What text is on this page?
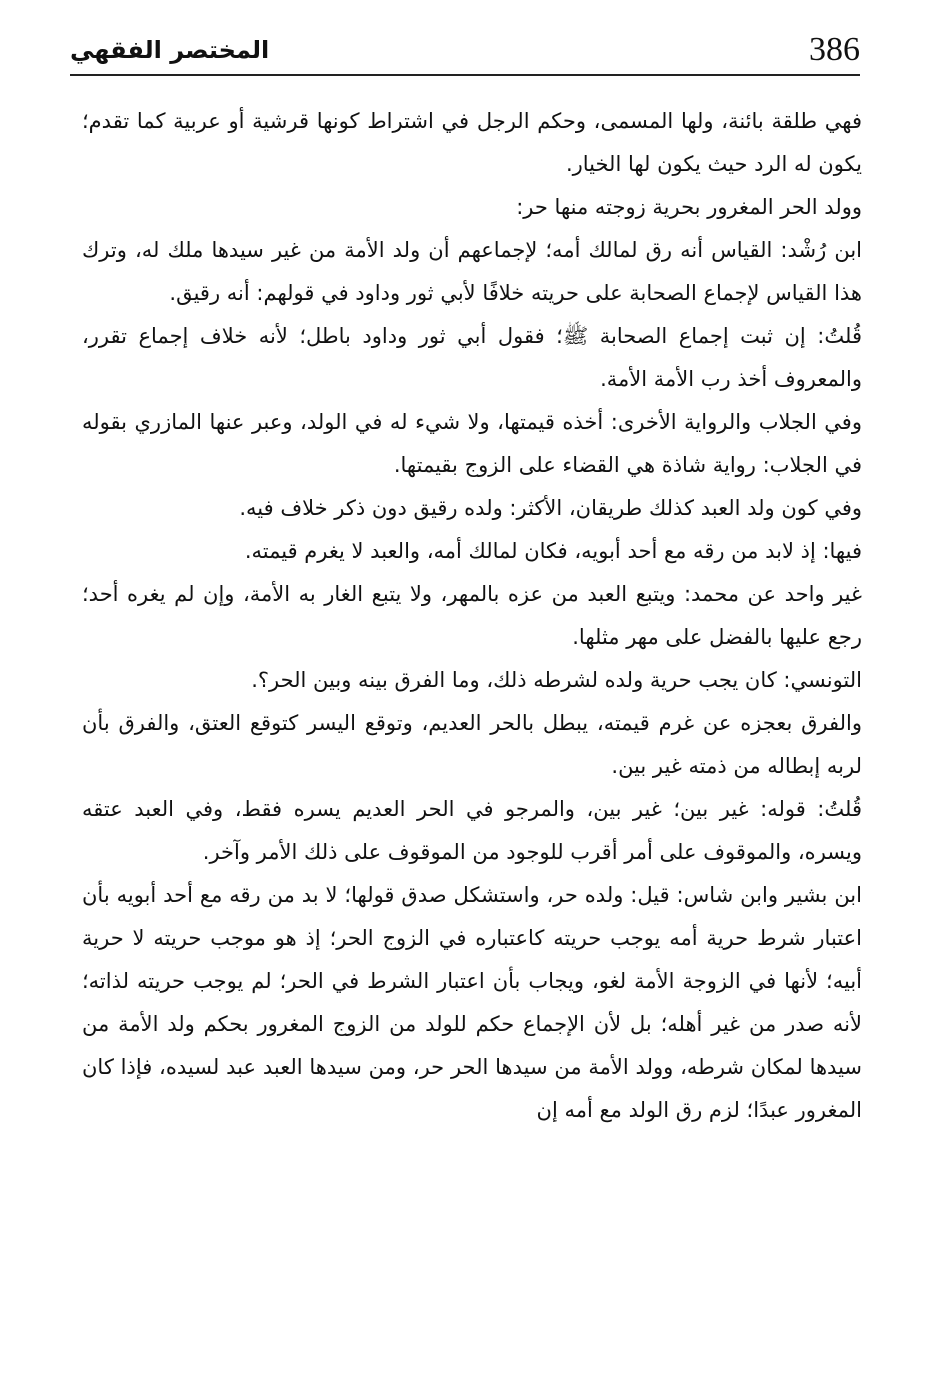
386
المختصر الفقهي

فهي طلقة بائنة، ولها المسمى، وحكم الرجل في اشتراط كونها قرشية أو عربية كما تقدم؛ يكون له الرد حيث يكون لها الخيار.

وولد الحر المغرور بحرية زوجته منها حر:

ابن رُشْد: القياس أنه رق لمالك أمه؛ لإجماعهم أن ولد الأمة من غير سيدها ملك له، وترك هذا القياس لإجماع الصحابة على حريته خلافًا لأبي ثور وداود في قولهم: أنه رقيق.

قُلتُ: إن ثبت إجماع الصحابة ﷺ؛ فقول أبي ثور وداود باطل؛ لأنه خلاف إجماع تقرر، والمعروف أخذ رب الأمة الأمة.

وفي الجلاب والرواية الأخرى: أخذه قيمتها، ولا شيء له في الولد، وعبر عنها المازري بقوله في الجلاب: رواية شاذة هي القضاء على الزوج بقيمتها.

وفي كون ولد العبد كذلك طريقان، الأكثر: ولده رقيق دون ذكر خلاف فيه.

فيها: إذ لابد من رقه مع أحد أبويه، فكان لمالك أمه، والعبد لا يغرم قيمته.

غير واحد عن محمد: ويتبع العبد من عزه بالمهر، ولا يتبع الغار به الأمة، وإن لم يغره أحد؛ رجع عليها بالفضل على مهر مثلها.

التونسي: كان يجب حرية ولده لشرطه ذلك، وما الفرق بينه وبين الحر؟.

والفرق بعجزه عن غرم قيمته، يبطل بالحر العديم، وتوقع اليسر كتوقع العتق، والفرق بأن لربه إبطاله من ذمته غير بين.

قُلتُ: قوله: غير بين؛ غير بين، والمرجو في الحر العديم يسره فقط، وفي العبد عتقه ويسره، والموقوف على أمر أقرب للوجود من الموقوف على ذلك الأمر وآخر.

ابن بشير وابن شاس: قيل: ولده حر، واستشكل صدق قولها؛ لا بد من رقه مع أحد أبويه بأن اعتبار شرط حرية أمه يوجب حريته كاعتباره في الزوج الحر؛ إذ هو موجب حريته لا حرية أبيه؛ لأنها في الزوجة الأمة لغو، ويجاب بأن اعتبار الشرط في الحر؛ لم يوجب حريته لذاته؛ لأنه صدر من غير أهله؛ بل لأن الإجماع حكم للولد من الزوج المغرور بحكم ولد الأمة من سيدها لمكان شرطه، وولد الأمة من سيدها الحر حر، ومن سيدها العبد عبد لسيده، فإذا كان المغرور عبدًا؛ لزم رق الولد مع أمه إن
